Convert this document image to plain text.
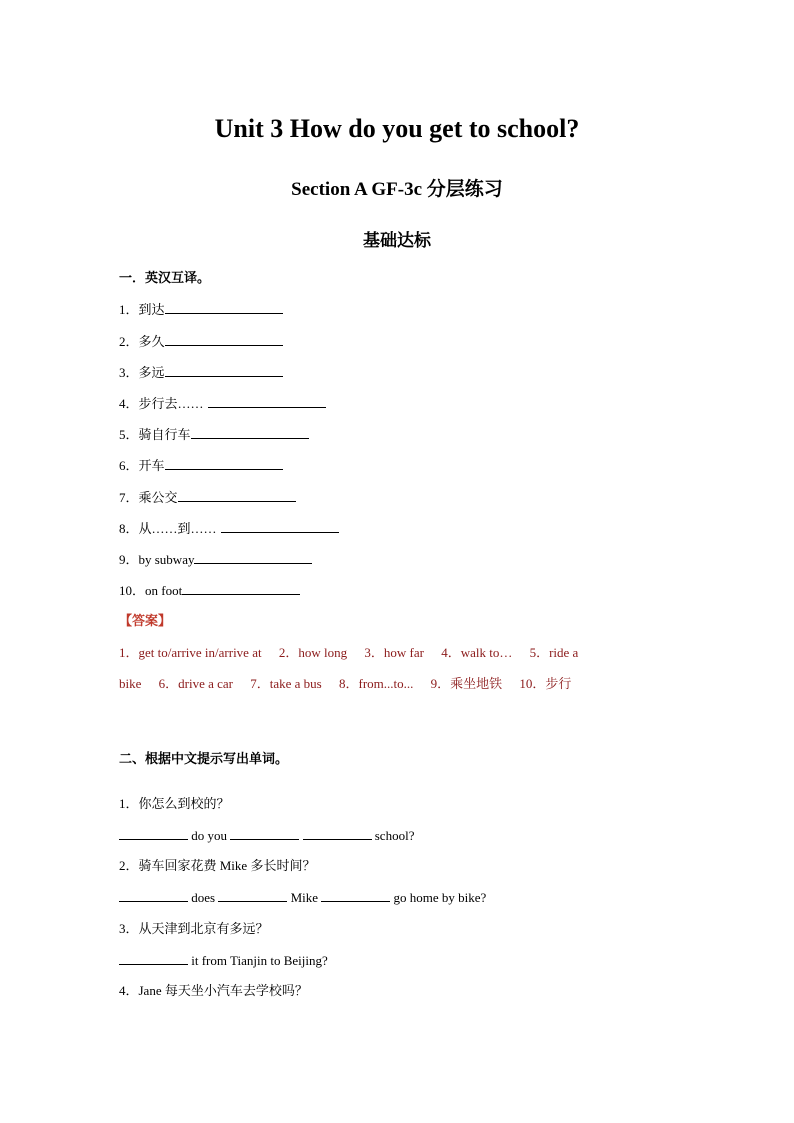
Unit 3 How do you get to school?
Section A GF-3c 分层练习
基础达标
一．英汉互译。
1．到达
2．多久
3．多远
4．步行去……
5．骑自行车
6．开车
7．乘公交
8．从……到……
9．by subway
10．on foot
【答案】
1．get to/arrive in/arrive at 2．how long 3．how far 4．walk to… 5．ride a
bike 6．drive a car 7．take a bus 8．from...to... 9．乘坐地铁 10．步行
二、根据中文提示写出单词。
1．你怎么到校的？
do you	school?
2．骑车回家花费 Mike 多长时间？
does	Mike	go home by bike?
3．从天津到北京有多远？
it from Tianjin to Beijing?
4．Jane 每天坐小汽车去学校吗？
